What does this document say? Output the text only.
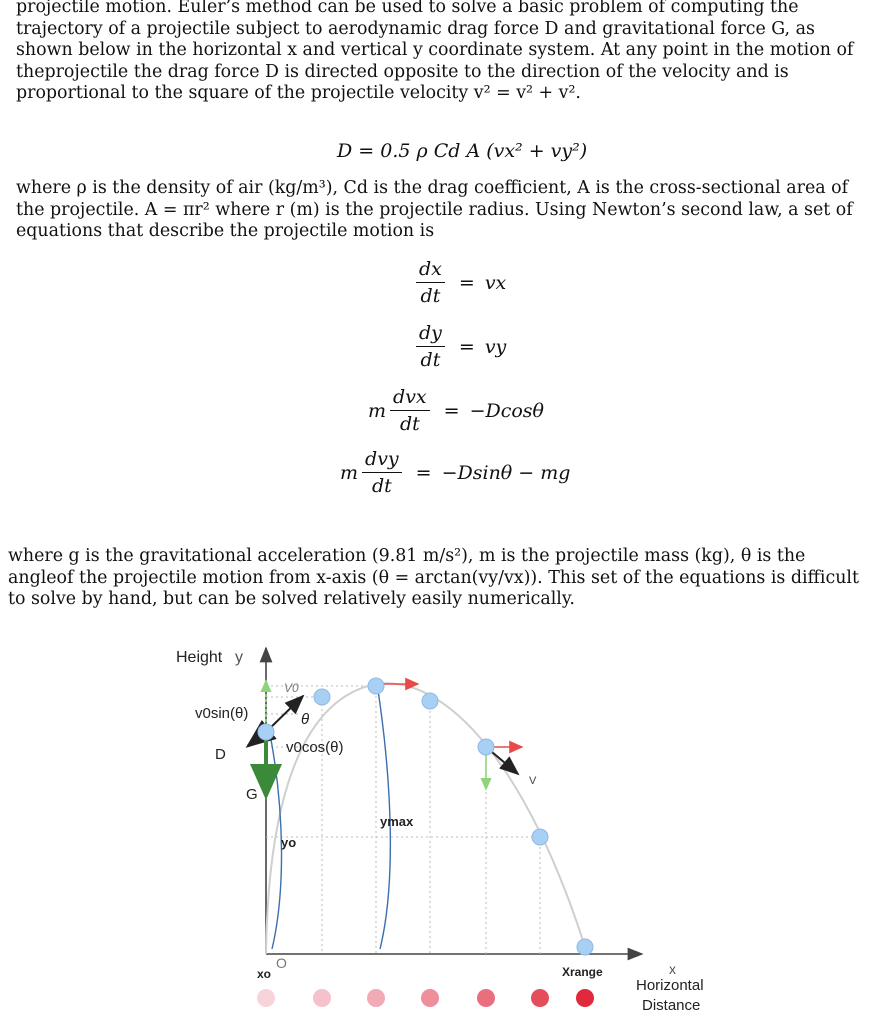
projectile motion. Euler’s method can be used to solve a basic problem of computing the trajectory of a projectile subject to aerodynamic drag force D and gravitational force G, as shown below in the horizontal x and vertical y coordinate system. At any point in the motion of theprojectile the drag force D is directed opposite to the direction of the velocity and is proportional to the square of the projectile velocity v² = v² + v².

D = 0.5 ρ Cd A (vx² + vy²)

where ρ is the density of air (kg/m³), Cd is the drag coefficient, A is the cross-sectional area of the projectile. A = πr² where r (m) is the projectile radius. Using Newton’s second law, a set of equations that describe the projectile motion is

$\frac{dx}{dt}$ = vx
$\frac{dy}{dt}$ = vy
m $\frac{\text{dvx}}{dt} = -Dcos\theta$
m $\frac{\text{dvy}}{dt} = -Dsin\theta$ − mg

where g is the gravitational acceleration (9.81 m/s²), m is the projectile mass (kg), θ is the angleof the projectile motion from x-axis (θ = arctan(vy/vx)). This set of the equations is difficult to solve by hand, but can be solved relatively easily numerically.

Height y
V0
θ
v0sin(θ)
v0cos(θ)
D
G
V
yo
ymax
xo
O
Xrange	x
Horizontal
Distance
